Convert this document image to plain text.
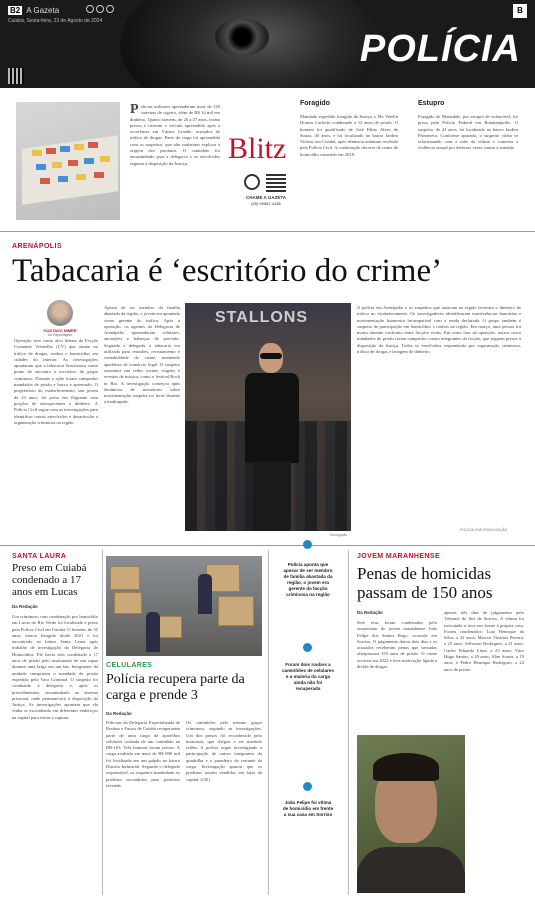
B2 A Gazeta
Cuiabá, Sexta-feira, 23 de Agosto de 2024
POLÍCIA
B
Policias militares apreenderam mais de 120 carteiras de cigarro, além de R$ 14 mil em dinheiro. Quatro homens, de 20 a 37 anos, foram presos e tiveram o veículo apreendido após a ocorrência em Várzea Grande, acusados de tráfico de drogas. Parte da carga foi apreendida com os suspeitos, que não souberam explicar a origem dos produtos. O caminhão foi encaminhado para a delegacia e os envolvidos seguem à disposição da Justiça.	Blitz
CHAME A GAZETA
(65) 99987-4186
Foragido
Mandado expedido foragido da Justiça, o Mc Vetelin Douras Carlechi condenado a 12 anos de prisão. O homem foi qualificado de José Fábio Alves de Souza, 40 anos, e foi localizado no bairro Jardim Vitória, em Cuiabá, após denúncia anônima recebida pela Polícia Civil. A condenação decorre de crime de homicídio cometido em 2018.
Estupro
Foragido de Maranhão, por estupro de vulnerável, foi preso pela Polícia Federal em Rondonópolis. O suspeito, de 41 anos, foi localizado no bairro Jardim Primavera. Conforme apurado, o suspeito vinha se relacionando com a mãe da vítima e cometeu a violência sexual por diversas vezes contra a enteada.
ARENÁPOLIS
Tabacaria é ‘escritório do crime’
GUSTAVO NIMER
Da Reportagem
Operação teve como alvo líderes da Facção Comando Vermelho (CV) que atuam no tráfico de drogas, roubos e homicídios em cidades do interior. As investigações apontaram que a tabacaria funcionava como ponto de encontro e escritório do grupo criminoso. Durante a ação foram cumpridos mandados de prisão e busca e apreensão. O proprietário do estabelecimento, um jovem de 23 anos, foi preso em flagrante com porções de entorpecentes e dinheiro. A Polícia Civil segue com as investigações para identificar outros envolvidos e desarticular a organização criminosa na região.
Apesar de ser membro da família abastada da região, o jovem era apontado como gerente do tráfico. Após a operação, os agentes da Delegacia de Arenápolis apreenderam celulares, anotações e balanças de precisão. Segundo a delegada, a tabacaria era utilizada para reuniões, recrutamento e contabilidade do crime, mantendo aparência de comércio legal. O suspeito ostentava nas redes sociais viagens e eventos de música, como o festival Rock in Rio. A investigação começou após denúncias de moradores sobre movimentação suspeita no local durante a madrugada.
STALLONS
Divulgação
A polícia em Arenápolis e os suspeitos que atuavam na região lavavam o dinheiro de tráfico no estabelecimento. Os investigadores identificaram transferências bancárias e movimentação financeira incompatível com a renda declarada. O grupo também é suspeito de participação em homicídios e roubos na região. Em março, uma pessoa foi morta durante confronto entre facções rivais. Em outra fase da operação, outros cinco mandados de prisão foram cumpridos contra integrantes da facção, que seguem presos à disposição da Justiça. Todos os envolvidos responderão por organização criminosa, tráfico de drogas e lavagem de dinheiro.
POLÍCIA CIVIL/DIVULGAÇÃO
SANTA LAURA
Preso em Cuiabá condenado a 17 anos em Lucas
Da Redação
Um criminoso com condenação por homicídio em Lucas do Rio Verde foi localizado e preso pela Polícia Civil em Cuiabá. O homem, de 35 anos, estava foragido desde 2021 e foi encontrado no bairro Santa Laura após trabalho de investigação da Delegacia de Homicídios. Ele havia sido condenado a 17 anos de prisão pelo assassinato de um rapaz durante uma briga em um bar. Integrantes da unidade cumpriram o mandado de prisão expedido pela Vara Criminal. O suspeito foi conduzido à delegacia e, após os procedimentos, encaminhado ao sistema prisional, onde permanecerá à disposição da Justiça. As investigações apontam que ele vinha se escondendo em diferentes endereços na capital para evitar a captura.
CELULARES
Polícia recupera parte da carga e prende 3
Da Redação
Policiais da Delegacia Especializada de Roubos e Furtos de Cuiabá recuperaram parte de uma carga de aparelhos celulares roubada de um caminhão na BR-163. Três homens foram presos. A carga avaliada em mais de R$ 800 mil foi localizada em um galpão no bairro Distrito Industrial. Segundo o delegado responsável, os suspeitos mantinham os produtos escondidos para posterior revenda.
Os caminhões pelo mesmo grupo criminoso, segundo as investigações. Um dos presos foi reconhecido pelo motorista, que chegou a ser mantido refém. A polícia segue investigando a participação de outros integrantes da quadrilha e o paradeiro do restante da carga. Investigação apurou que os produtos seriam vendidos em lojas da capital. (CR)
Polícia aponta que apesar de ser membro de família abastada da região, o jovem era gerente da facção criminosa na região
Foram dois roubos a caminhões de celulares e a maioria da carga ainda não foi recuperada
João Felipe foi vítima de homicídio em frente a sua casa em Sorriso
JOVEM MARANHENSE
Penas de homicidas passam de 150 anos
Da Redação
Sete réus foram condenados pelo assassinato do jovem maranhense João Felipe dos Santos Rego, ocorrido em Sorriso. O julgamento durou dois dias e os acusados receberam penas que somadas ultrapassam 150 anos de prisão. O crime ocorreu em 2022 e teve motivação ligada a dívida de drogas.
apenas três dias de julgamento pelo Tribunal do Júri de Sorriso. A vítima foi executada a tiros em frente à própria casa. Foram condenados: Luiz Henrique da Silva, a 22 anos; Marcos Vinícius Pereira, a 25 anos; Jefferson Rodrigues, a 21 anos; Carlos Eduardo Lima, a 23 anos; Vitor Hugo Santos, a 20 anos; Alan Souza, a 19 anos; e Pedro Henrique Rodrigues, a 22 anos de prisão.
